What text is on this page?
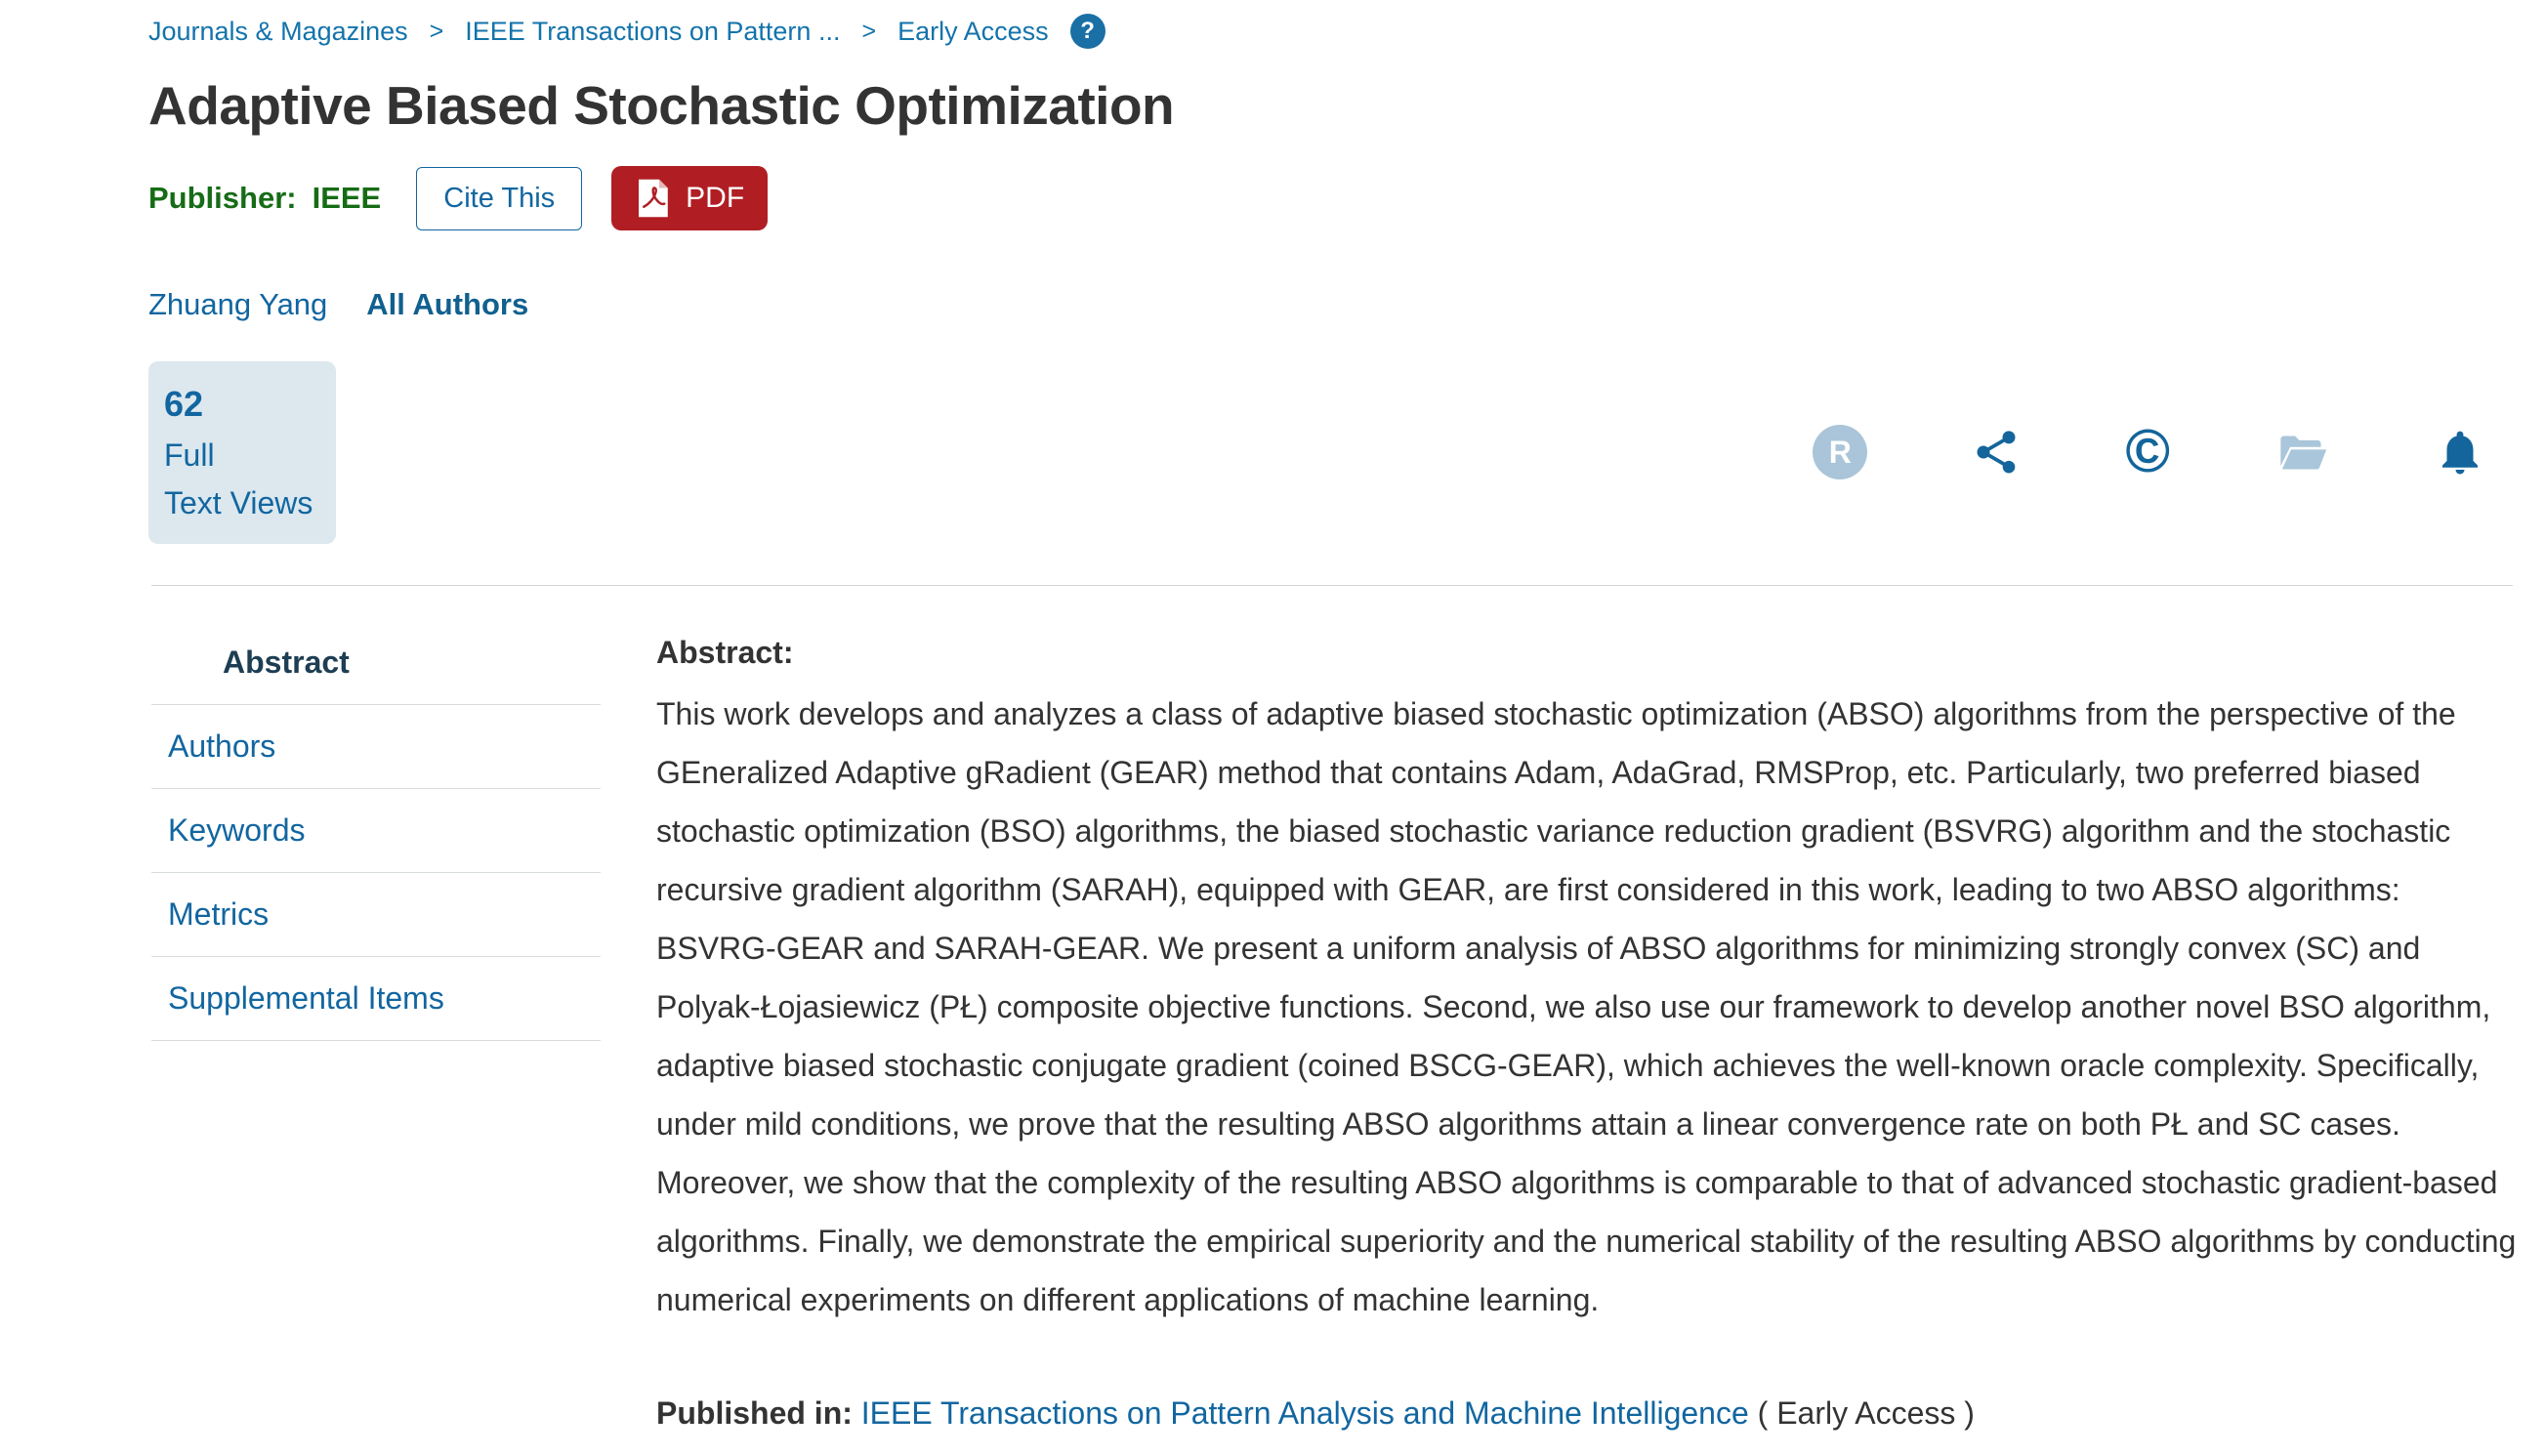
Journals & Magazines > IEEE Transactions on Pattern ... > Early Access	?
Adaptive Biased Stochastic Optimization
Publisher: IEEE	Cite This	PDF
Zhuang Yang All Authors
62
Full
Text Views
R	©
Abstract
Authors
Keywords
Metrics
Supplemental Items
Abstract:

This work develops and analyzes a class of adaptive biased stochastic optimization (ABSO) algorithms from the perspective of the GEneralized Adaptive gRadient (GEAR) method that contains Adam, AdaGrad, RMSProp, etc. Particularly, two preferred biased stochastic optimization (BSO) algorithms, the biased stochastic variance reduction gradient (BSVRG) algorithm and the stochastic recursive gradient algorithm (SARAH), equipped with GEAR, are first considered in this work, leading to two ABSO algorithms: BSVRG-GEAR and SARAH-GEAR. We present a uniform analysis of ABSO algorithms for minimizing strongly convex (SC) and Polyak-Łojasiewicz (PŁ) composite objective functions. Second, we also use our framework to develop another novel BSO algorithm, adaptive biased stochastic conjugate gradient (coined BSCG-GEAR), which achieves the well-known oracle complexity. Specifically, under mild conditions, we prove that the resulting ABSO algorithms attain a linear convergence rate on both PŁ and SC cases. Moreover, we show that the complexity of the resulting ABSO algorithms is comparable to that of advanced stochastic gradient-based algorithms. Finally, we demonstrate the empirical superiority and the numerical stability of the resulting ABSO algorithms by conducting numerical experiments on different applications of machine learning.

Published in: IEEE Transactions on Pattern Analysis and Machine Intelligence ( Early Access )
